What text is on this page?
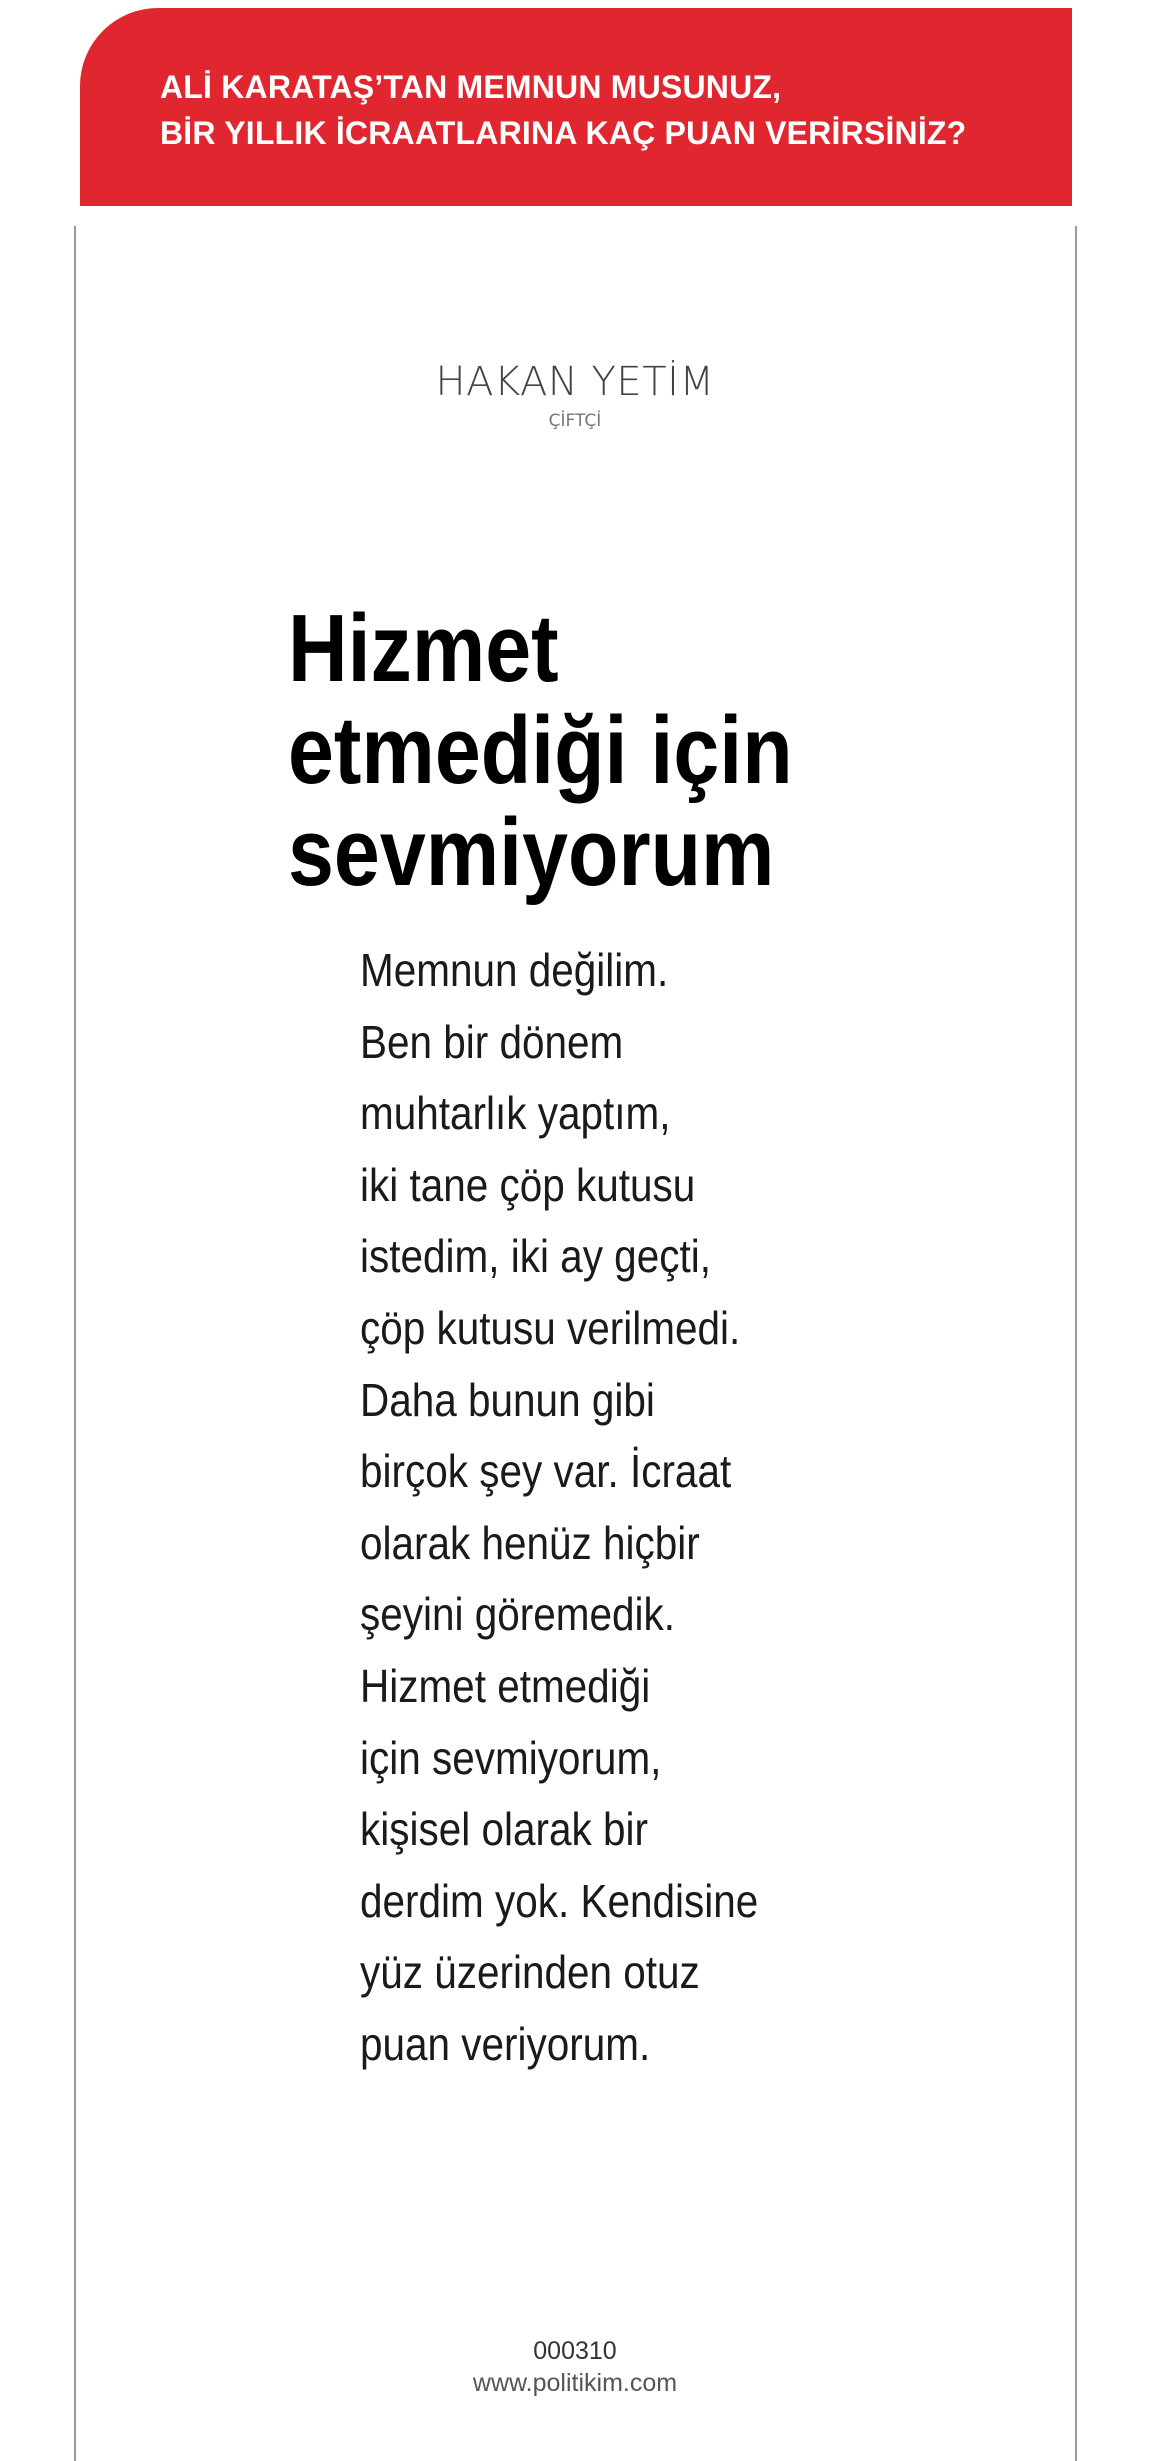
ALİ KARATAŞ’TAN MEMNUN MUSUNUZ,
BİR YILLIK İCRAATLARINA KAÇ PUAN VERİRSİNİZ?
HAKAN YETİM
ÇİFTÇİ
Hizmet
etmediği için
sevmiyorum
Memnun değilim.
Ben bir dönem
muhtarlık yaptım,
iki tane çöp kutusu
istedim, iki ay geçti,
çöp kutusu verilmedi.
Daha bunun gibi
birçok şey var. İcraat
olarak henüz hiçbir
şeyini göremedik.
Hizmet etmediği
için sevmiyorum,
kişisel olarak bir
derdim yok. Kendisine
yüz üzerinden otuz
puan veriyorum.
000310
www.politikim.com
